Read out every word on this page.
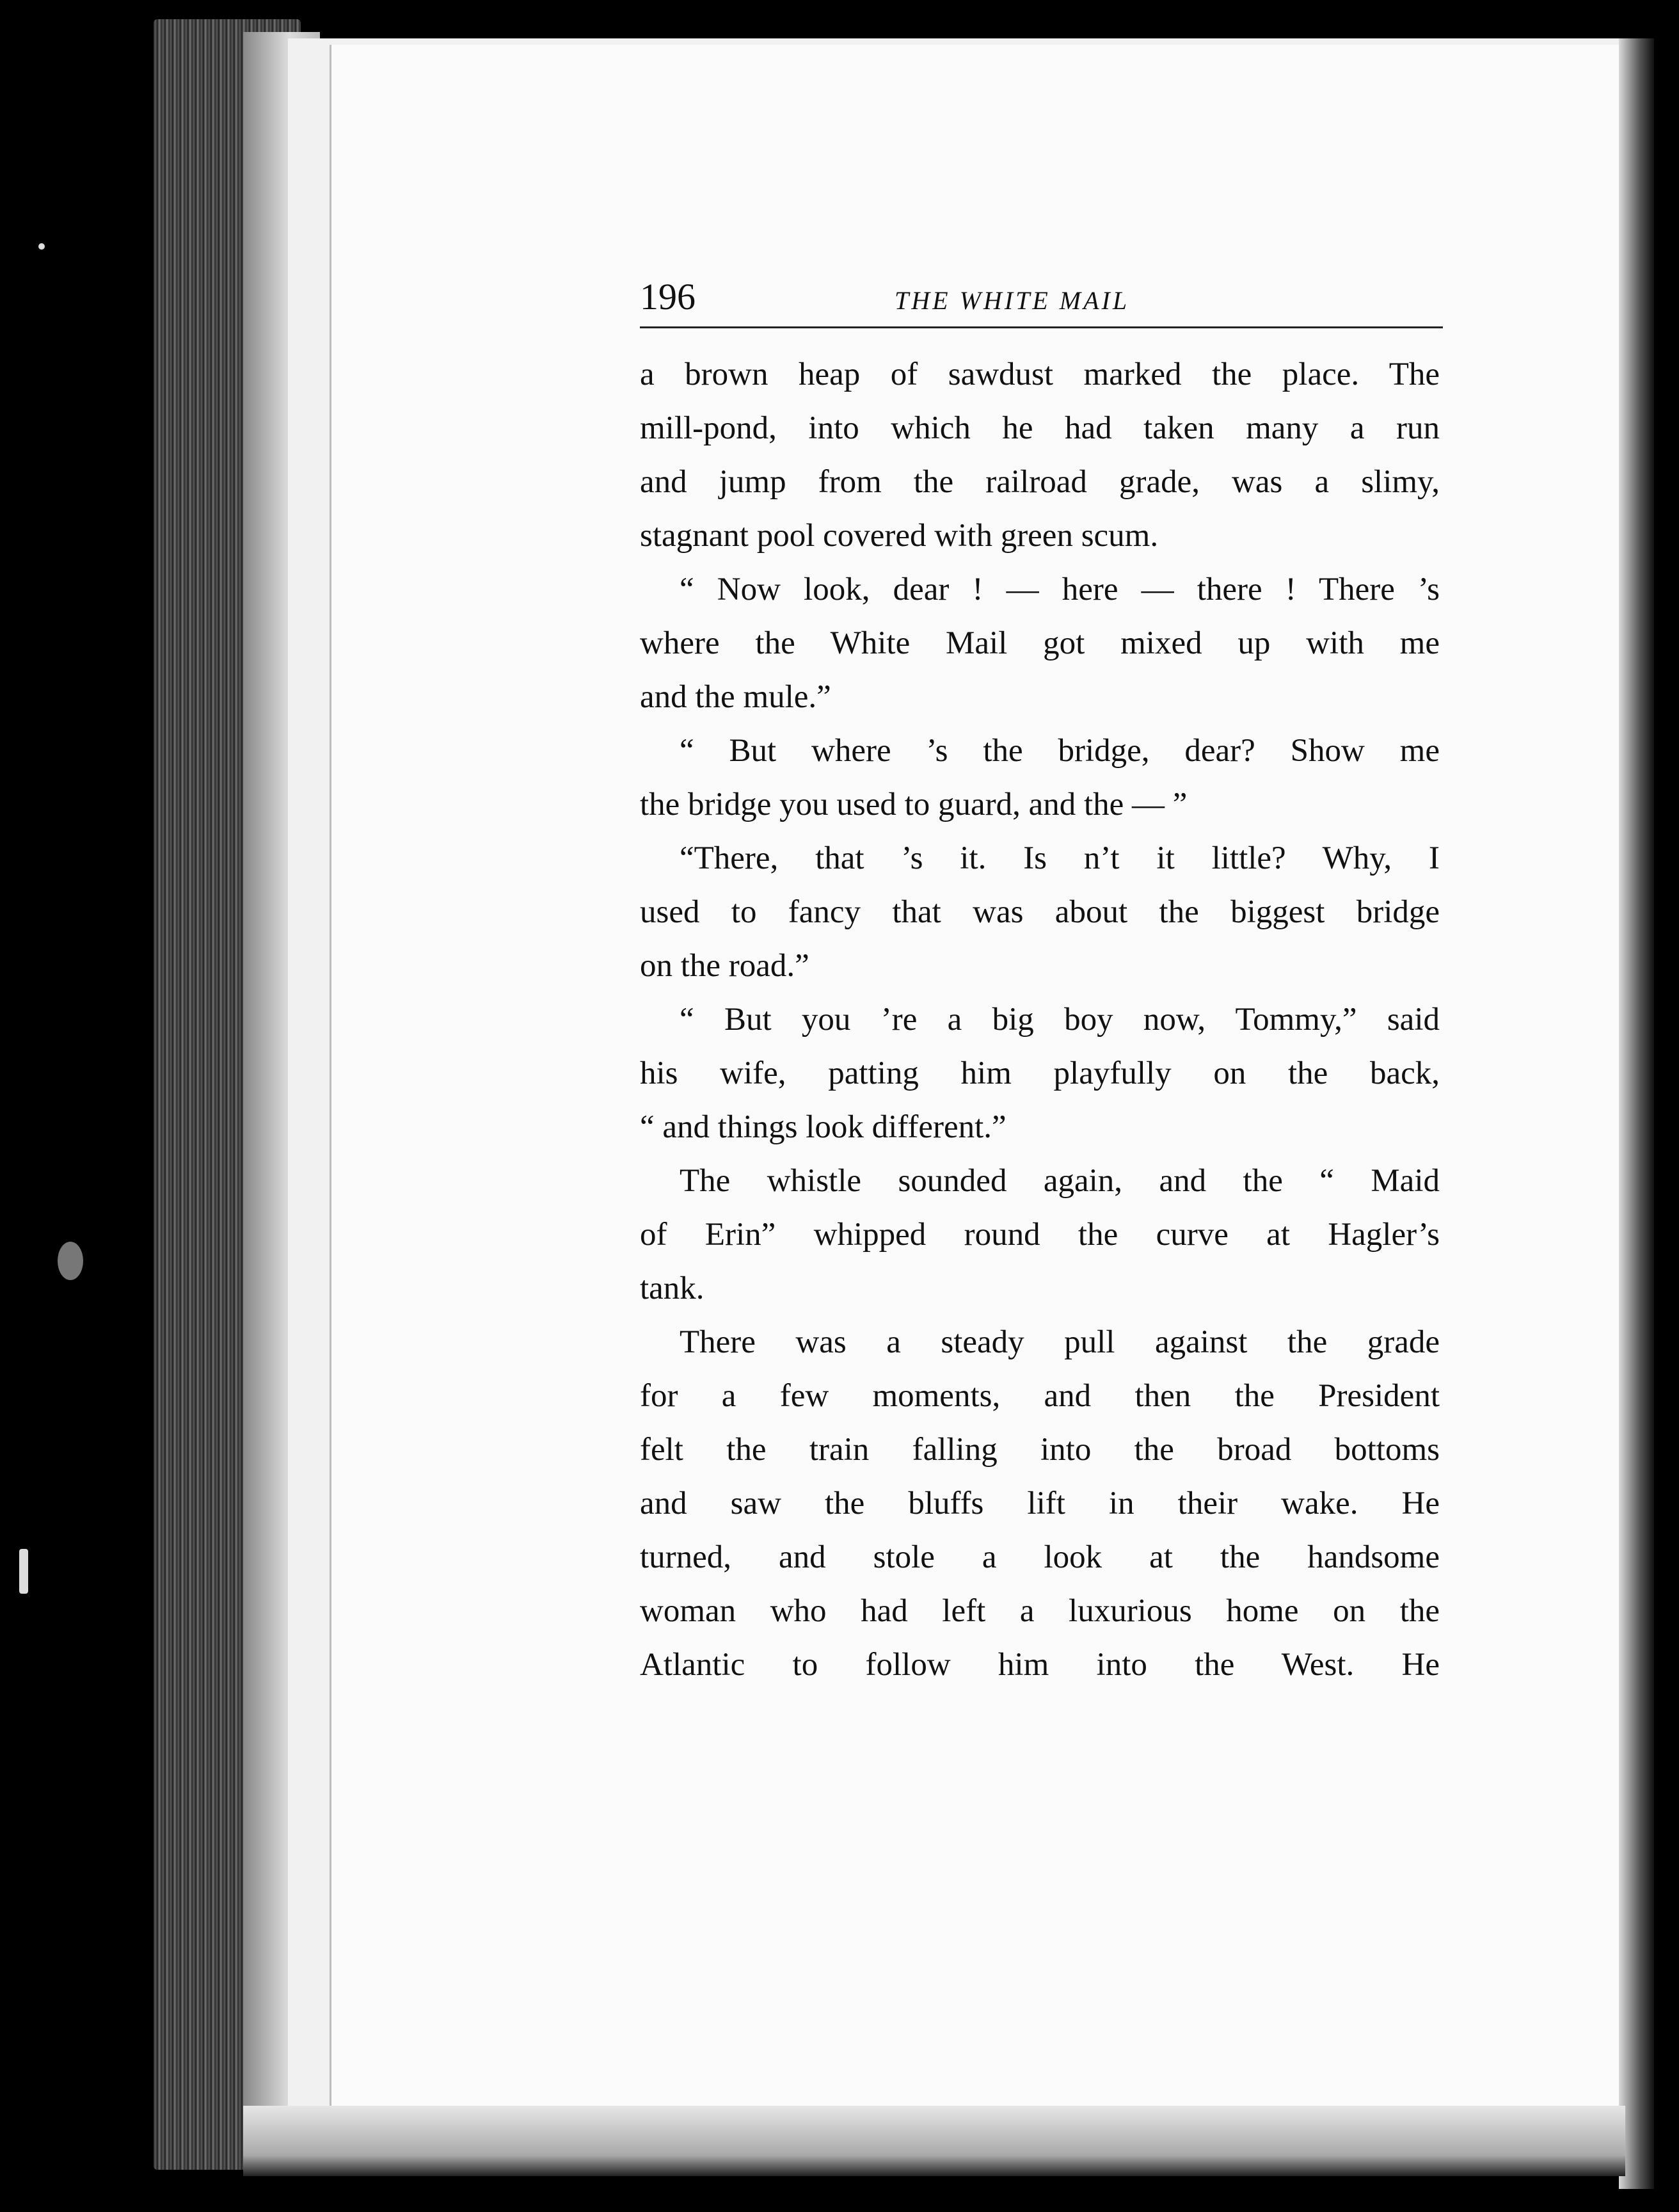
196	THE WHITE MAIL
a brown heap of sawdust marked the place. The
mill-pond, into which he had taken many a run
and jump from the railroad grade, was a slimy,
stagnant pool covered with green scum.
“ Now look, dear ! — here — there ! There ’s
where the White Mail got mixed up with me
and the mule.”
“ But where ’s the bridge, dear? Show me
the bridge you used to guard, and the — ”
“There, that ’s it. Is n’t it little? Why, I
used to fancy that was about the biggest bridge
on the road.”
“ But you ’re a big boy now, Tommy,” said
his wife, patting him playfully on the back,
“ and things look different.”
The whistle sounded again, and the “ Maid
of Erin” whipped round the curve at Hagler’s
tank.
There was a steady pull against the grade
for a few moments, and then the President
felt the train falling into the broad bottoms
and saw the bluffs lift in their wake. He
turned, and stole a look at the handsome
woman who had left a luxurious home on the
Atlantic to follow him into the West. He
